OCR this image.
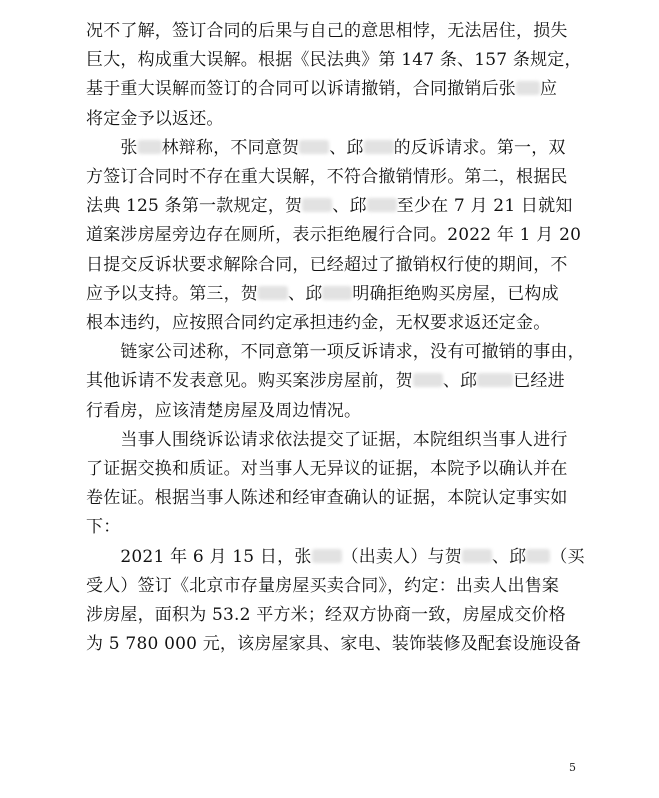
况不了解，签订合同的后果与自己的意思相悖，无法居住，损失
巨大，构成重大误解。根据《民法典》第 147 条、157 条规定，
基于重大误解而签订的合同可以诉请撤销，合同撤销后张 应
将定金予以返还。

　　张 林辩称，不同意贺 、邱 的反诉请求。第一，双
方签订合同时不存在重大误解，不符合撤销情形。第二，根据民
法典 125 条第一款规定，贺 、邱 至少在 7 月 21 日就知
道案涉房屋旁边存在厕所，表示拒绝履行合同。2022 年 1 月 20
日提交反诉状要求解除合同，已经超过了撤销权行使的期间，不
应予以支持。第三，贺 、邱 明确拒绝购买房屋，已构成
根本违约，应按照合同约定承担违约金，无权要求返还定金。

　　链家公司述称，不同意第一项反诉请求，没有可撤销的事由，
其他诉请不发表意见。购买案涉房屋前，贺 、邱 已经进
行看房，应该清楚房屋及周边情况。

　　当事人围绕诉讼请求依法提交了证据，本院组织当事人进行
了证据交换和质证。对当事人无异议的证据，本院予以确认并在
卷佐证。根据当事人陈述和经审查确认的证据，本院认定事实如
下：

　　2021 年 6 月 15 日，张 （出卖人）与贺 、邱 （买
受人）签订《北京市存量房屋买卖合同》，约定：出卖人出售案
涉房屋，面积为 53.2 平方米；经双方协商一致，房屋成交价格
为 5 780 000 元，该房屋家具、家电、装饰装修及配套设施设备

5
